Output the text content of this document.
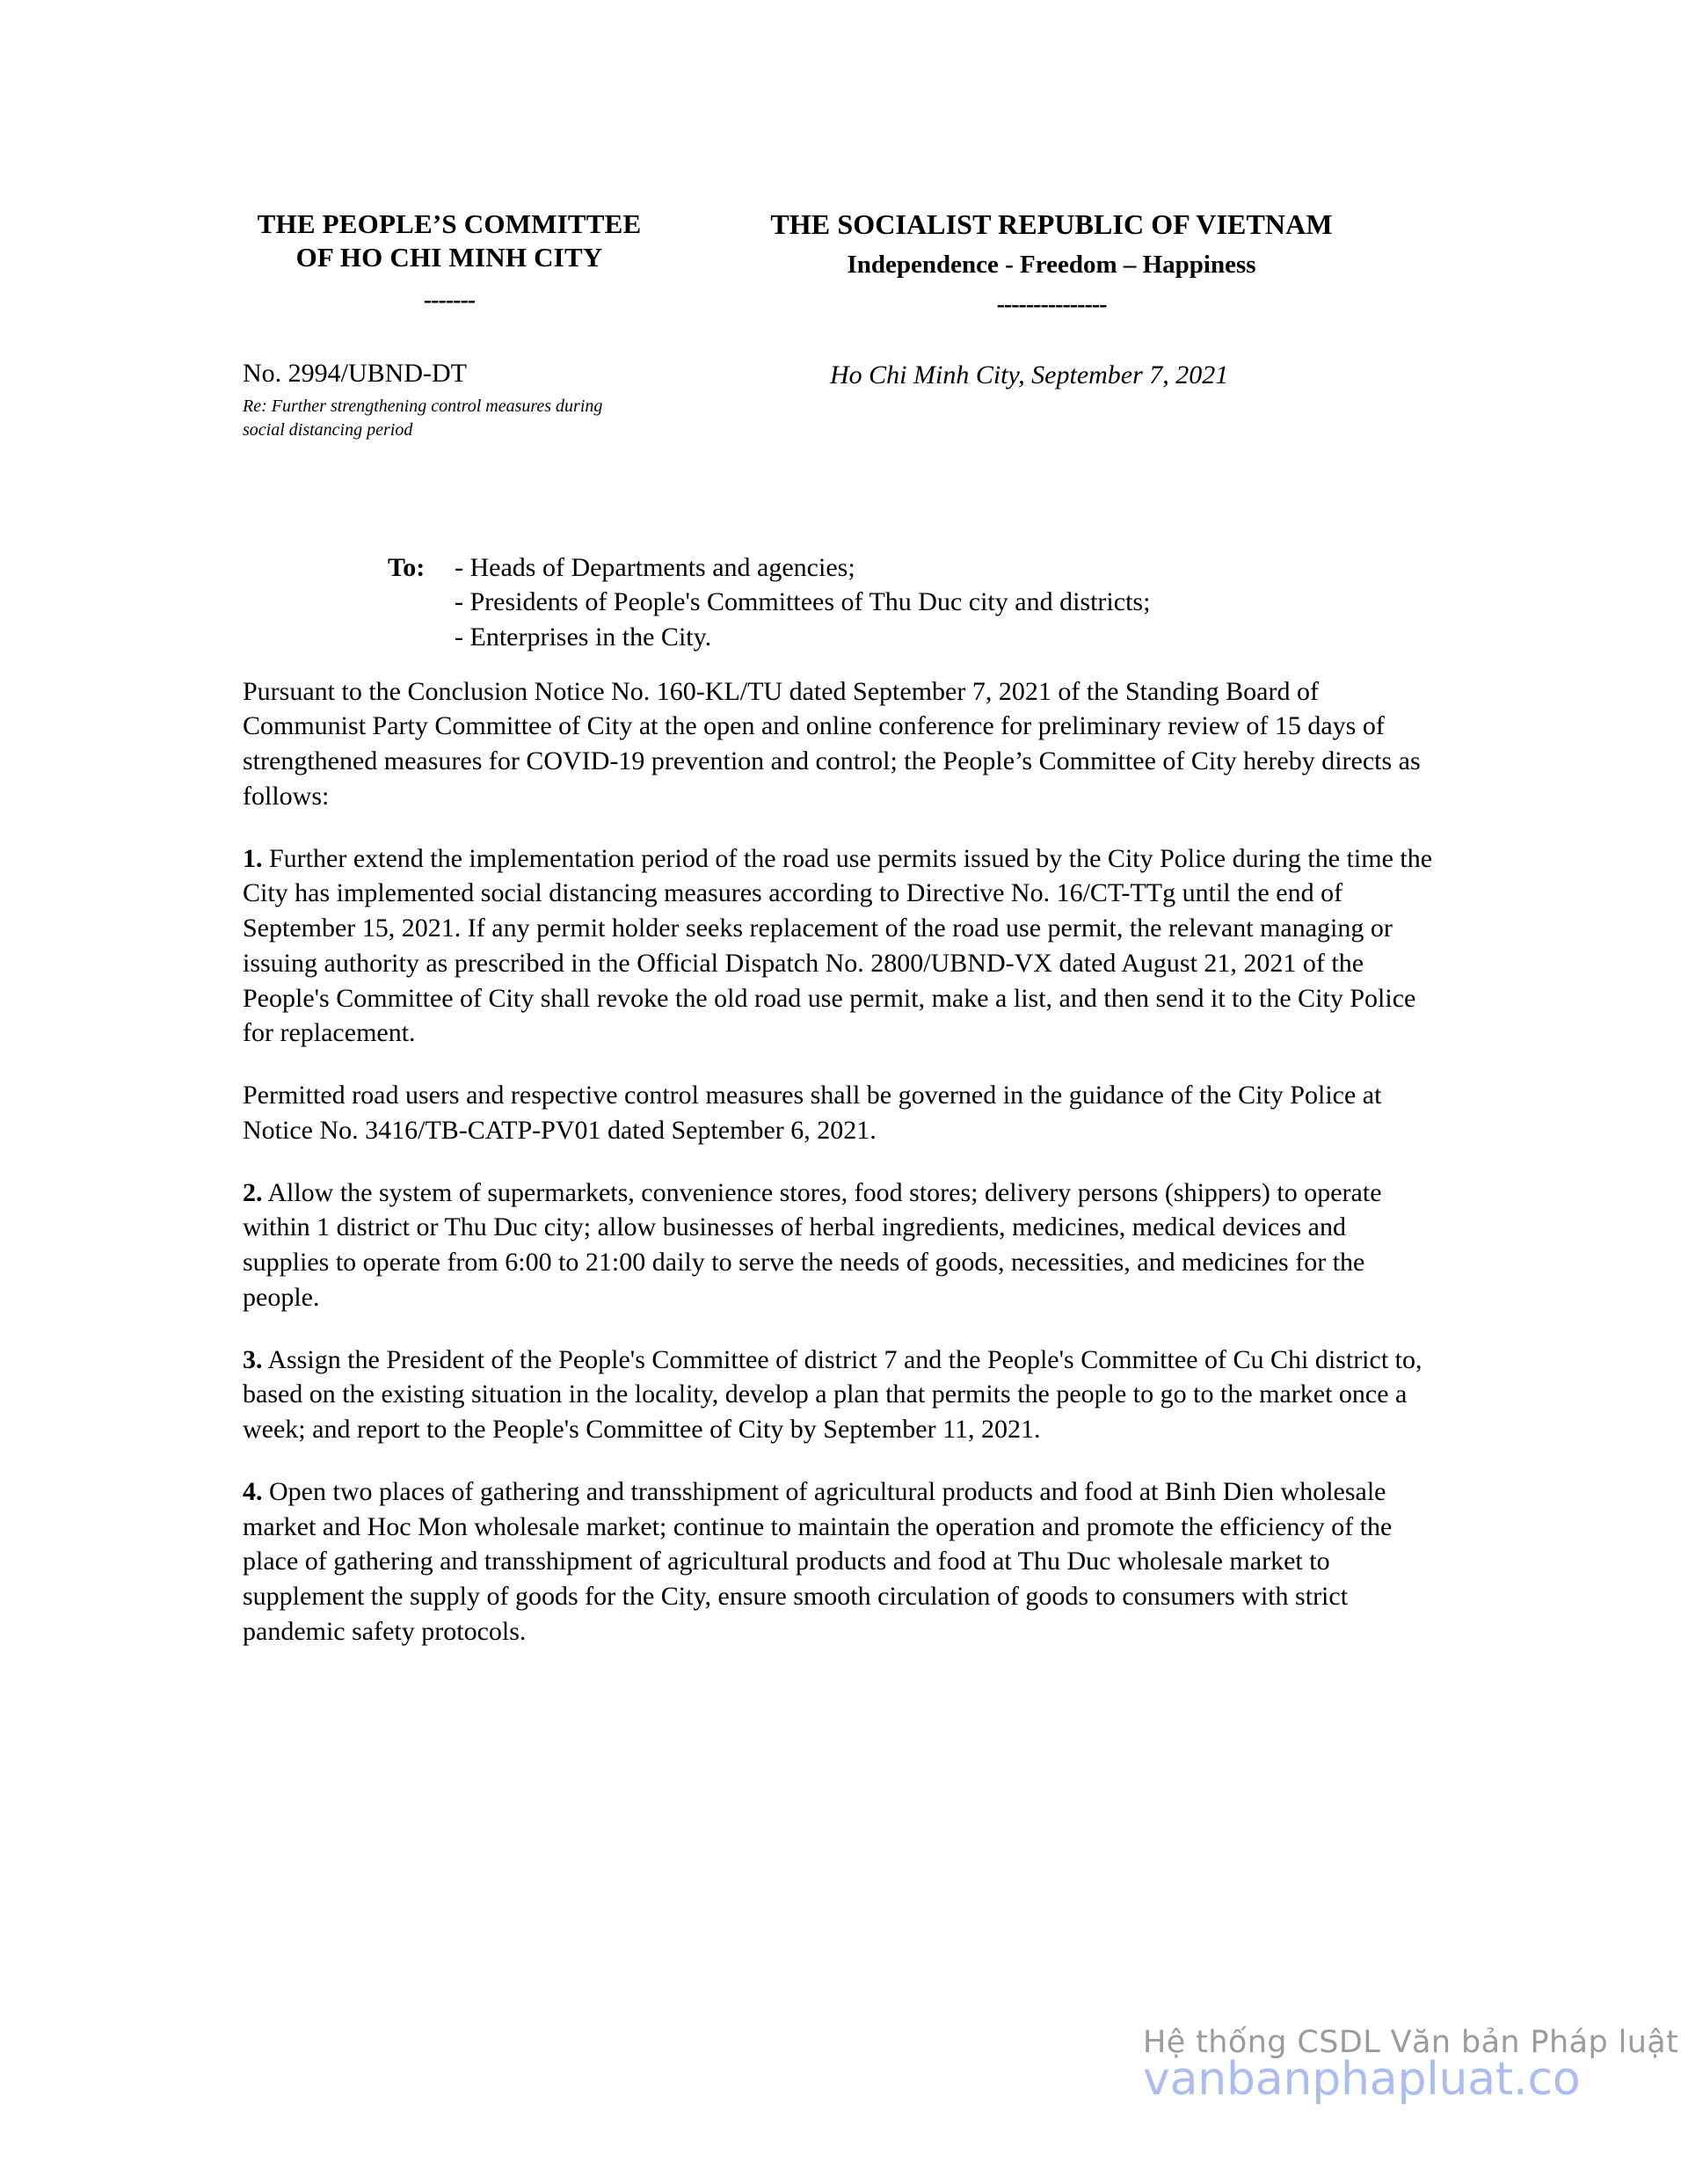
THE PEOPLE’S COMMITTEE OF HO CHI MINH CITY
-------
THE SOCIALIST REPUBLIC OF VIETNAM
Independence - Freedom – Happiness
---------------
No. 2994/UBND-DT
Re: Further strengthening control measures during social distancing period
Ho Chi Minh City, September 7, 2021
To:	- Heads of Departments and agencies;
- Presidents of People's Committees of Thu Duc city and districts;
- Enterprises in the City.

Pursuant to the Conclusion Notice No. 160-KL/TU dated September 7, 2021 of the Standing Board of Communist Party Committee of City at the open and online conference for preliminary review of 15 days of strengthened measures for COVID-19 prevention and control; the People’s Committee of City hereby directs as follows:

1. Further extend the implementation period of the road use permits issued by the City Police during the time the City has implemented social distancing measures according to Directive No. 16/CT-TTg until the end of September 15, 2021. If any permit holder seeks replacement of the road use permit, the relevant managing or issuing authority as prescribed in the Official Dispatch No. 2800/UBND-VX dated August 21, 2021 of the People's Committee of City shall revoke the old road use permit, make a list, and then send it to the City Police for replacement.

Permitted road users and respective control measures shall be governed in the guidance of the City Police at Notice No. 3416/TB-CATP-PV01 dated September 6, 2021.

2. Allow the system of supermarkets, convenience stores, food stores; delivery persons (shippers) to operate within 1 district or Thu Duc city; allow businesses of herbal ingredients, medicines, medical devices and supplies to operate from 6:00 to 21:00 daily to serve the needs of goods, necessities, and medicines for the people.

3. Assign the President of the People's Committee of district 7 and the People's Committee of Cu Chi district to, based on the existing situation in the locality, develop a plan that permits the people to go to the market once a week; and report to the People's Committee of City by September 11, 2021.

4. Open two places of gathering and transshipment of agricultural products and food at Binh Dien wholesale market and Hoc Mon wholesale market; continue to maintain the operation and promote the efficiency of the place of gathering and transshipment of agricultural products and food at Thu Duc wholesale market to supplement the supply of goods for the City, ensure smooth circulation of goods to consumers with strict pandemic safety protocols.

Hệ thống CSDL Văn bản Pháp luật
vanbanphapluat.co
